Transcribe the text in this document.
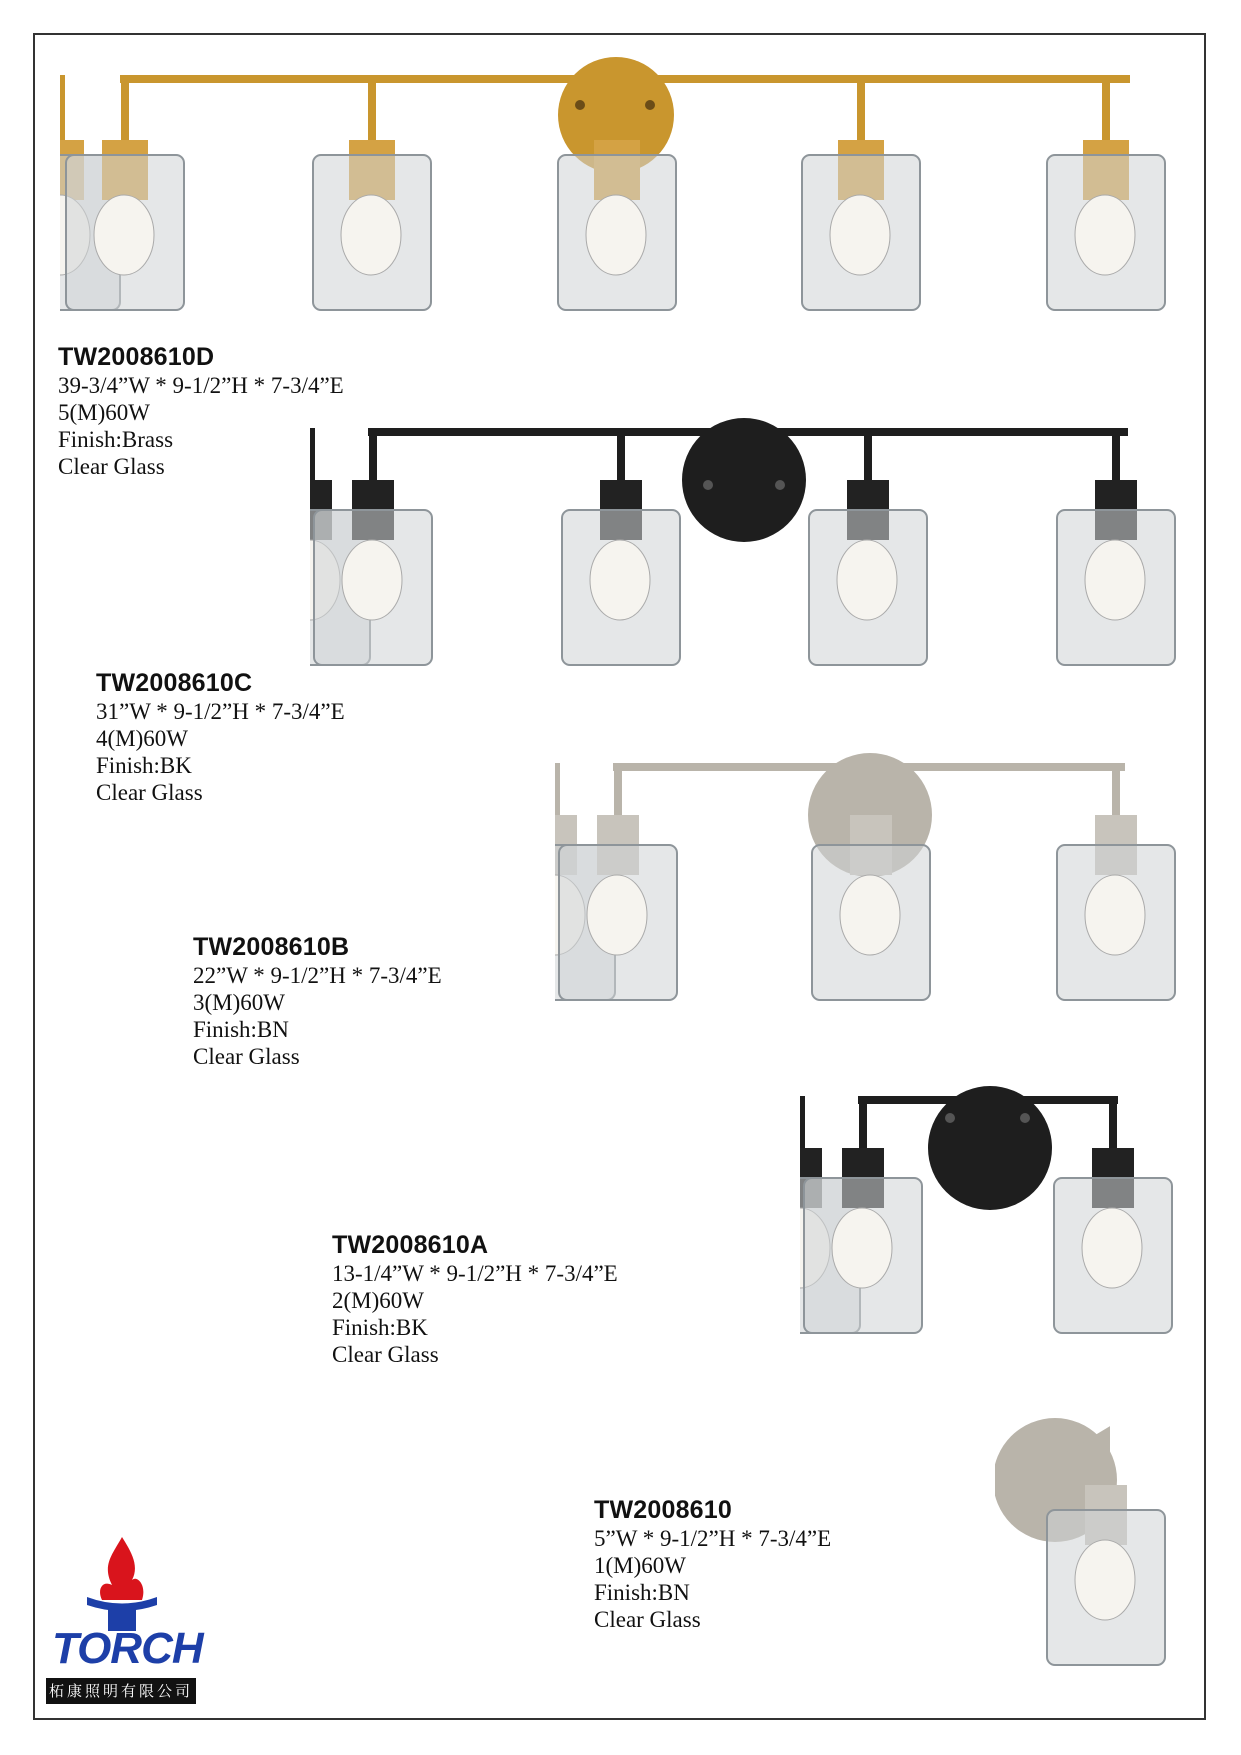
TW2008610D
39-3/4”W * 9-1/2”H * 7-3/4”E
5(M)60W
Finish:Brass
Clear Glass
TW2008610C
31”W * 9-1/2”H * 7-3/4”E
4(M)60W
Finish:BK
Clear Glass
TW2008610B
22”W * 9-1/2”H * 7-3/4”E
3(M)60W
Finish:BN
Clear Glass
TW2008610A
13-1/4”W * 9-1/2”H * 7-3/4”E
2(M)60W
Finish:BK
Clear Glass
TW2008610
5”W * 9-1/2”H * 7-3/4”E
1(M)60W
Finish:BN
Clear Glass
TORCH
柘康照明有限公司
